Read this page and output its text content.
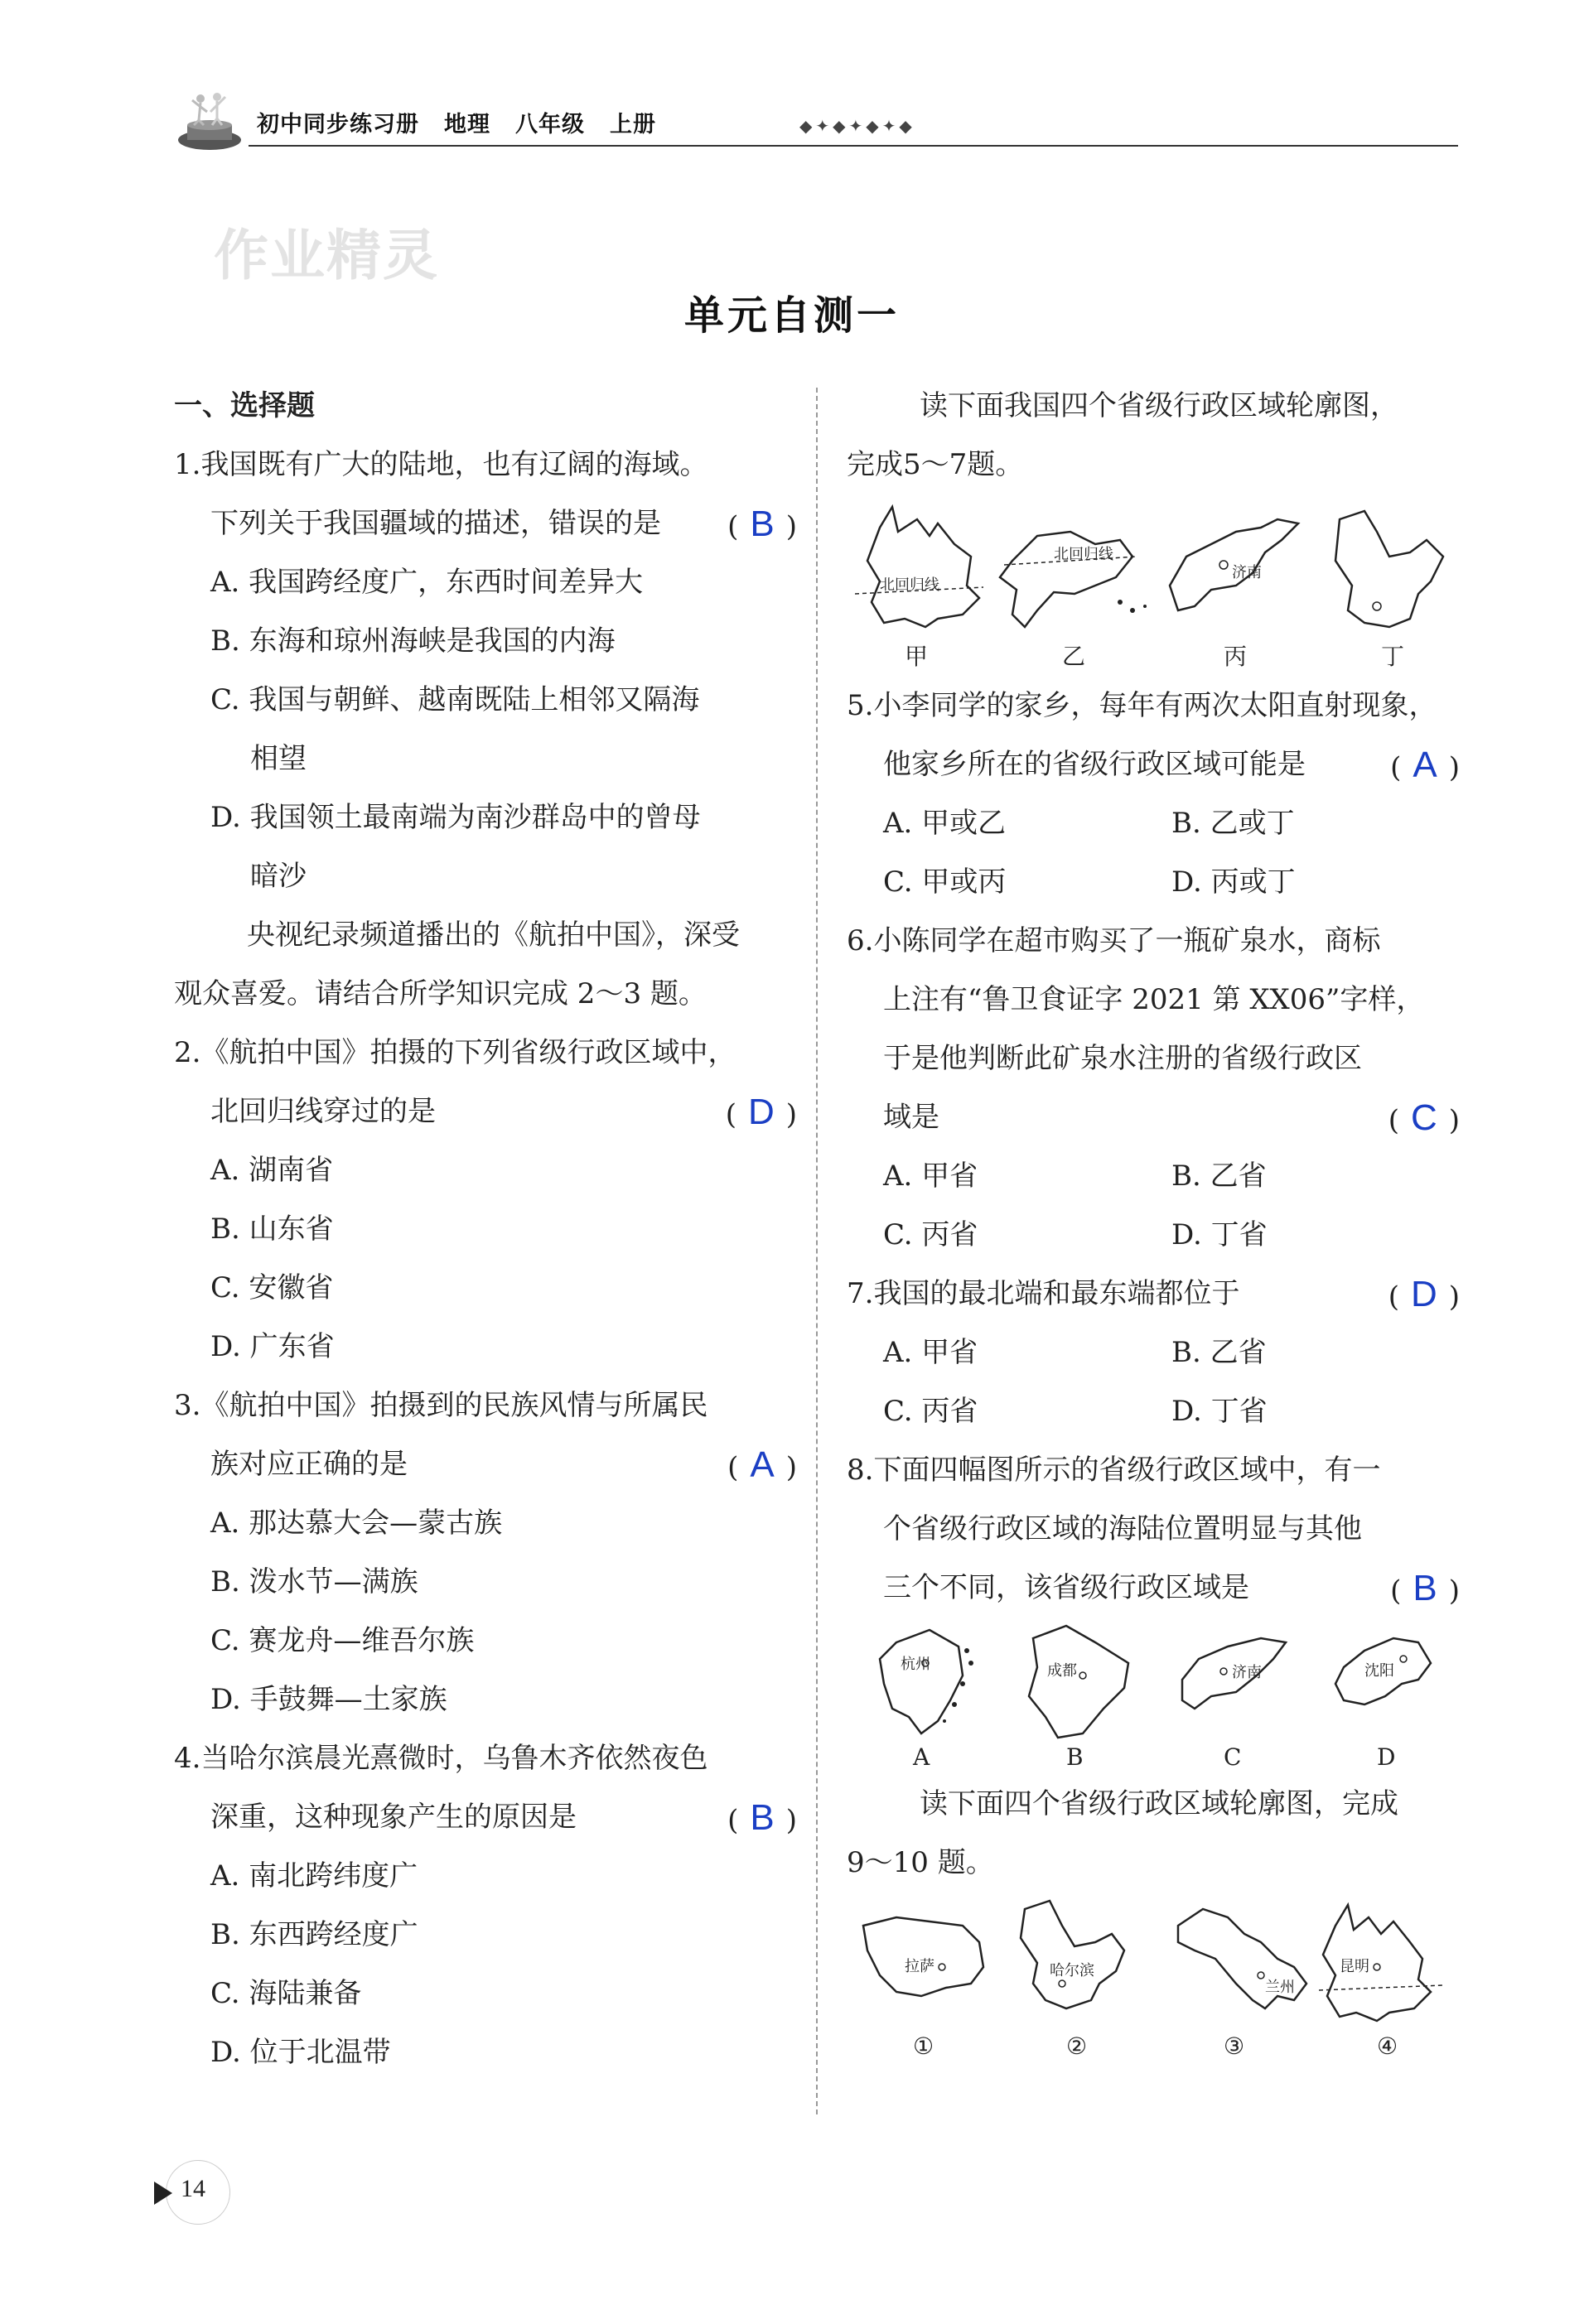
初中同步练习册 地理 八年级 上册	◆✦◆✦◆✦◆
作业精灵
单元自测一
一、选择题
1.我国既有广大的陆地，也有辽阔的海域。
下列关于我国疆域的描述，错误的是 ( B )
A. 我国跨经度广，东西时间差异大
B. 东海和琼州海峡是我国的内海
C. 我国与朝鲜、越南既陆上相邻又隔海
相望
D. 我国领土最南端为南沙群岛中的曾母
暗沙
央视纪录频道播出的《航拍中国》，深受
观众喜爱。请结合所学知识完成 2～3 题。
2.《航拍中国》拍摄的下列省级行政区域中，
北回归线穿过的是	( D )
A. 湖南省
B. 山东省
C. 安徽省
D. 广东省
3.《航拍中国》拍摄到的民族风情与所属民
族对应正确的是	( A )
A. 那达慕大会—蒙古族
B. 泼水节—满族
C. 赛龙舟—维吾尔族
D. 手鼓舞—土家族
4.当哈尔滨晨光熹微时，乌鲁木齐依然夜色
深重，这种现象产生的原因是	( B )
A. 南北跨纬度广
B. 东西跨经度广
C. 海陆兼备
D. 位于北温带
读下面我国四个省级行政区域轮廓图，
完成5～7题。
北回归线
北回归线
济南
甲	乙	丙	丁
5.小李同学的家乡，每年有两次太阳直射现象，
他家乡所在的省级行政区域可能是	( A )
A. 甲或乙	B. 乙或丁
C. 甲或丙	D. 丙或丁
6.小陈同学在超市购买了一瓶矿泉水，商标
上注有“鲁卫食证字 2021 第 XX06”字样，
于是他判断此矿泉水注册的省级行政区
域是	( C )
A. 甲省	B. 乙省
C. 丙省	D. 丁省
7.我国的最北端和最东端都位于	( D )
A. 甲省	B. 乙省
C. 丙省	D. 丁省
8.下面四幅图所示的省级行政区域中，有一
个省级行政区域的海陆位置明显与其他
三个不同，该省级行政区域是	( B )
杭州	成都	济南	沈阳
A	B	C	D
读下面四个省级行政区域轮廓图，完成
9～10 题。
拉萨	哈尔滨
兰州
昆明
①	②	③	④
14
